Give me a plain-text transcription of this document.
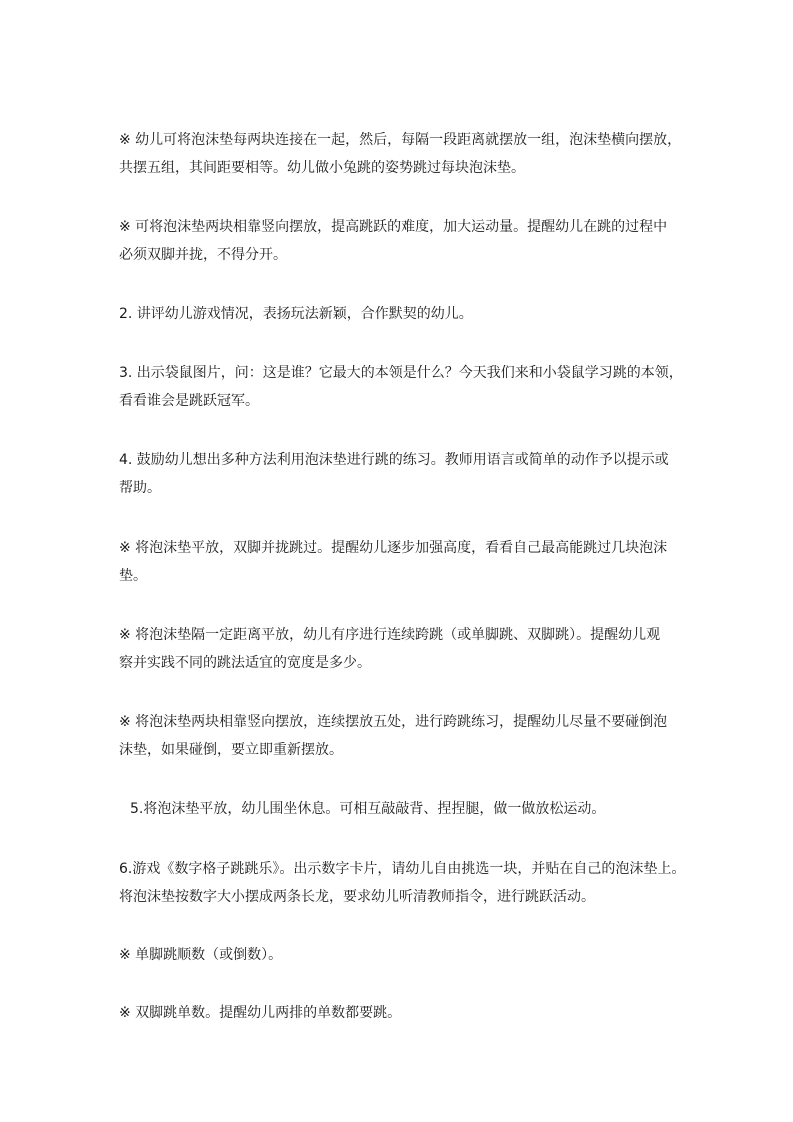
※ 幼儿可将泡沫垫每两块连接在一起，然后，每隔一段距离就摆放一组，泡沫垫横向摆放，
共摆五组，其间距要相等。幼儿做小兔跳的姿势跳过每块泡沫垫。

※ 可将泡沫垫两块相靠竖向摆放，提高跳跃的难度，加大运动量。提醒幼儿在跳的过程中
必须双脚并拢，不得分开。

2. 讲评幼儿游戏情况，表扬玩法新颖，合作默契的幼儿。

3. 出示袋鼠图片，问：这是谁？它最大的本领是什么？今天我们来和小袋鼠学习跳的本领，
看看谁会是跳跃冠军。

4. 鼓励幼儿想出多种方法利用泡沫垫进行跳的练习。教师用语言或简单的动作予以提示或
帮助。

※ 将泡沫垫平放，双脚并拢跳过。提醒幼儿逐步加强高度，看看自己最高能跳过几块泡沫
垫。

※ 将泡沫垫隔一定距离平放，幼儿有序进行连续跨跳（或单脚跳、双脚跳）。提醒幼儿观
察并实践不同的跳法适宜的宽度是多少。

※ 将泡沫垫两块相靠竖向摆放，连续摆放五处，进行跨跳练习，提醒幼儿尽量不要碰倒泡
沫垫，如果碰倒，要立即重新摆放。

5.将泡沫垫平放，幼儿围坐休息。可相互敲敲背、捏捏腿，做一做放松运动。

6.游戏《数字格子跳跳乐》。出示数字卡片，请幼儿自由挑选一块，并贴在自己的泡沫垫上。
将泡沫垫按数字大小摆成两条长龙，要求幼儿听清教师指令，进行跳跃活动。

※ 单脚跳顺数（或倒数）。

※ 双脚跳单数。提醒幼儿两排的单数都要跳。
